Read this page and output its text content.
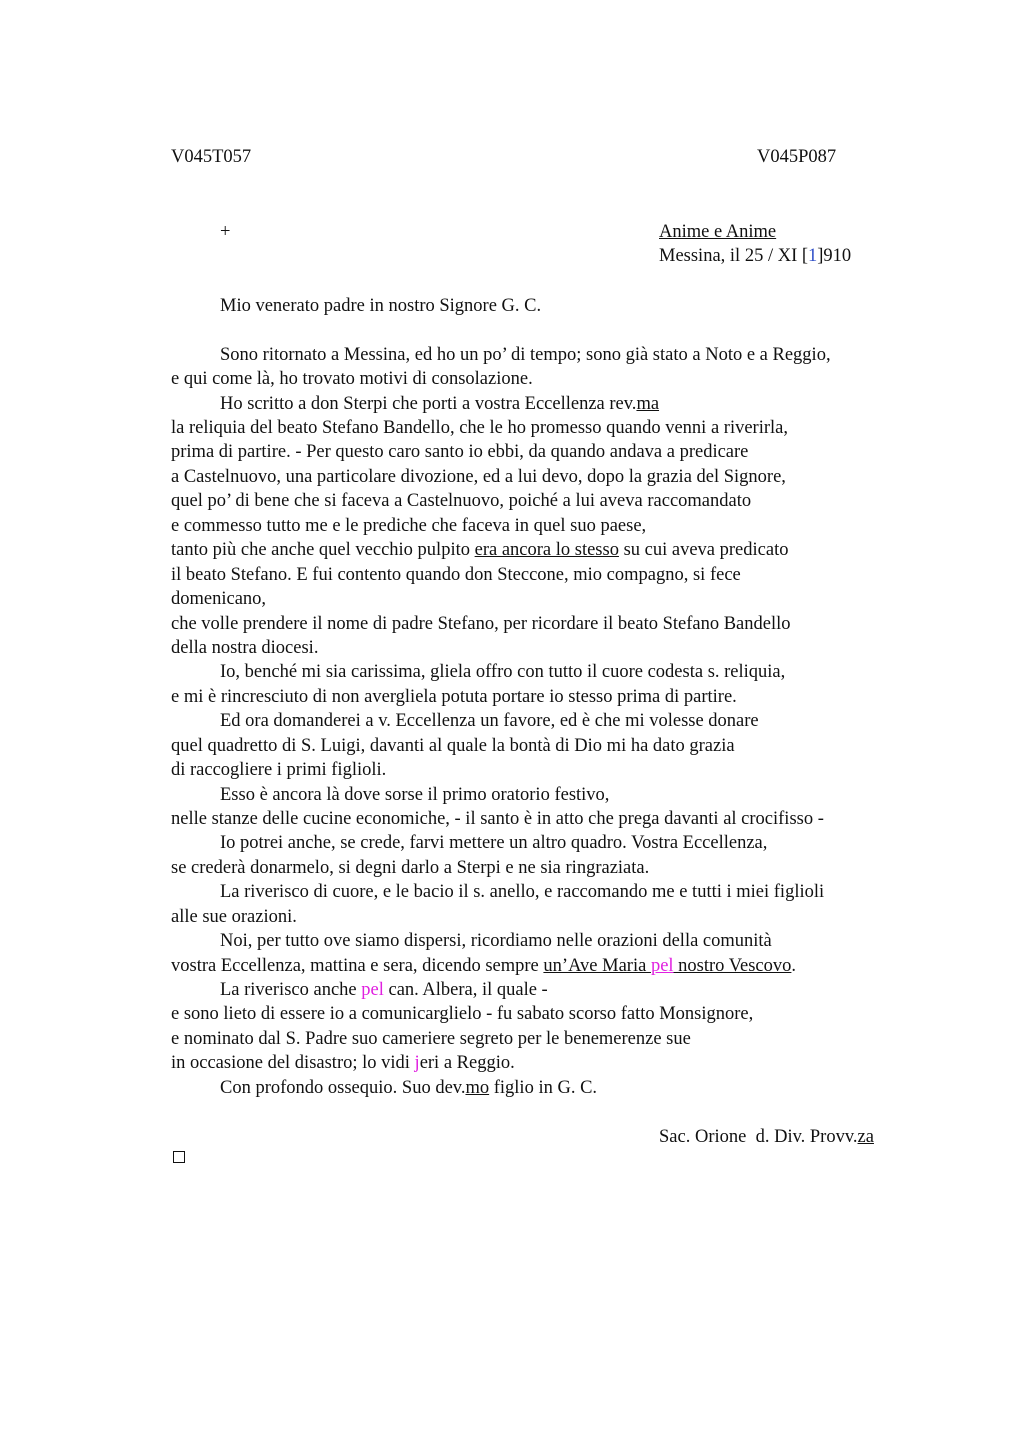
V045T057	V045P087
+	Anime e Anime
Messina, il 25 / XI [1]910
Mio venerato padre in nostro Signore G. C.
Sono ritornato a Messina, ed ho un po’ di tempo; sono già stato a Noto e a Reggio,
e qui come là, ho trovato motivi di consolazione.
Ho scritto a don Sterpi che porti a vostra Eccellenza rev.ma
la reliquia del beato Stefano Bandello, che le ho promesso quando venni a riverirla,
prima di partire. - Per questo caro santo io ebbi, da quando andava a predicare
a Castelnuovo, una particolare divozione, ed a lui devo, dopo la grazia del Signore,
quel po’ di bene che si faceva a Castelnuovo, poiché a lui aveva raccomandato
e commesso tutto me e le prediche che faceva in quel suo paese,
tanto più che anche quel vecchio pulpito era ancora lo stesso su cui aveva predicato
il beato Stefano. E fui contento quando don Steccone, mio compagno, si fece
domenicano,
che volle prendere il nome di padre Stefano, per ricordare il beato Stefano Bandello
della nostra diocesi.
Io, benché mi sia carissima, gliela offro con tutto il cuore codesta s. reliquia,
e mi è rincresciuto di non avergliela potuta portare io stesso prima di partire.
Ed ora domanderei a v. Eccellenza un favore, ed è che mi volesse donare
quel quadretto di S. Luigi, davanti al quale la bontà di Dio mi ha dato grazia
di raccogliere i primi figlioli.
Esso è ancora là dove sorse il primo oratorio festivo,
nelle stanze delle cucine economiche, - il santo è in atto che prega davanti al crocifisso -
Io potrei anche, se crede, farvi mettere un altro quadro. Vostra Eccellenza,
se crederà donarmelo, si degni darlo a Sterpi e ne sia ringraziata.
La riverisco di cuore, e le bacio il s. anello, e raccomando me e tutti i miei figlioli
alle sue orazioni.
Noi, per tutto ove siamo dispersi, ricordiamo nelle orazioni della comunità
vostra Eccellenza, mattina e sera, dicendo sempre un’Ave Maria pel nostro Vescovo.
La riverisco anche pel can. Albera, il quale -
e sono lieto di essere io a comunicarglielo - fu sabato scorso fatto Monsignore,
e nominato dal S. Padre suo cameriere segreto per le benemerenze sue
in occasione del disastro; lo vidi jeri a Reggio.
Con profondo ossequio. Suo dev.mo figlio in G. C.
Sac. Orione  d. Div. Provv.za
